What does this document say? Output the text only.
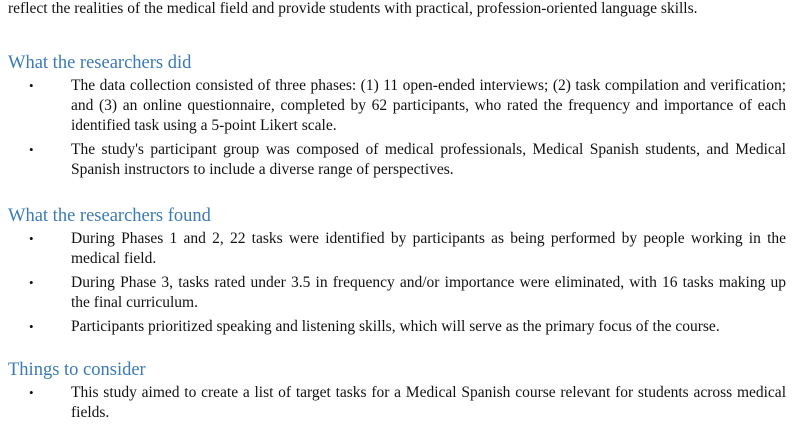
reflect the realities of the medical field and provide students with practical, profession-oriented language skills.
What the researchers did
• The data collection consisted of three phases: (1) 11 open-ended interviews; (2) task compilation and verification; and (3) an online questionnaire, completed by 62 participants, who rated the frequency and importance of each identified task using a 5-point Likert scale.
• The study's participant group was composed of medical professionals, Medical Spanish students, and Medical Spanish instructors to include a diverse range of perspectives.
What the researchers found
• During Phases 1 and 2, 22 tasks were identified by participants as being performed by people working in the medical field.
• During Phase 3, tasks rated under 3.5 in frequency and/or importance were eliminated, with 16 tasks making up the final curriculum.
• Participants prioritized speaking and listening skills, which will serve as the primary focus of the course.
Things to consider
• This study aimed to create a list of target tasks for a Medical Spanish course relevant for students across medical fields.
